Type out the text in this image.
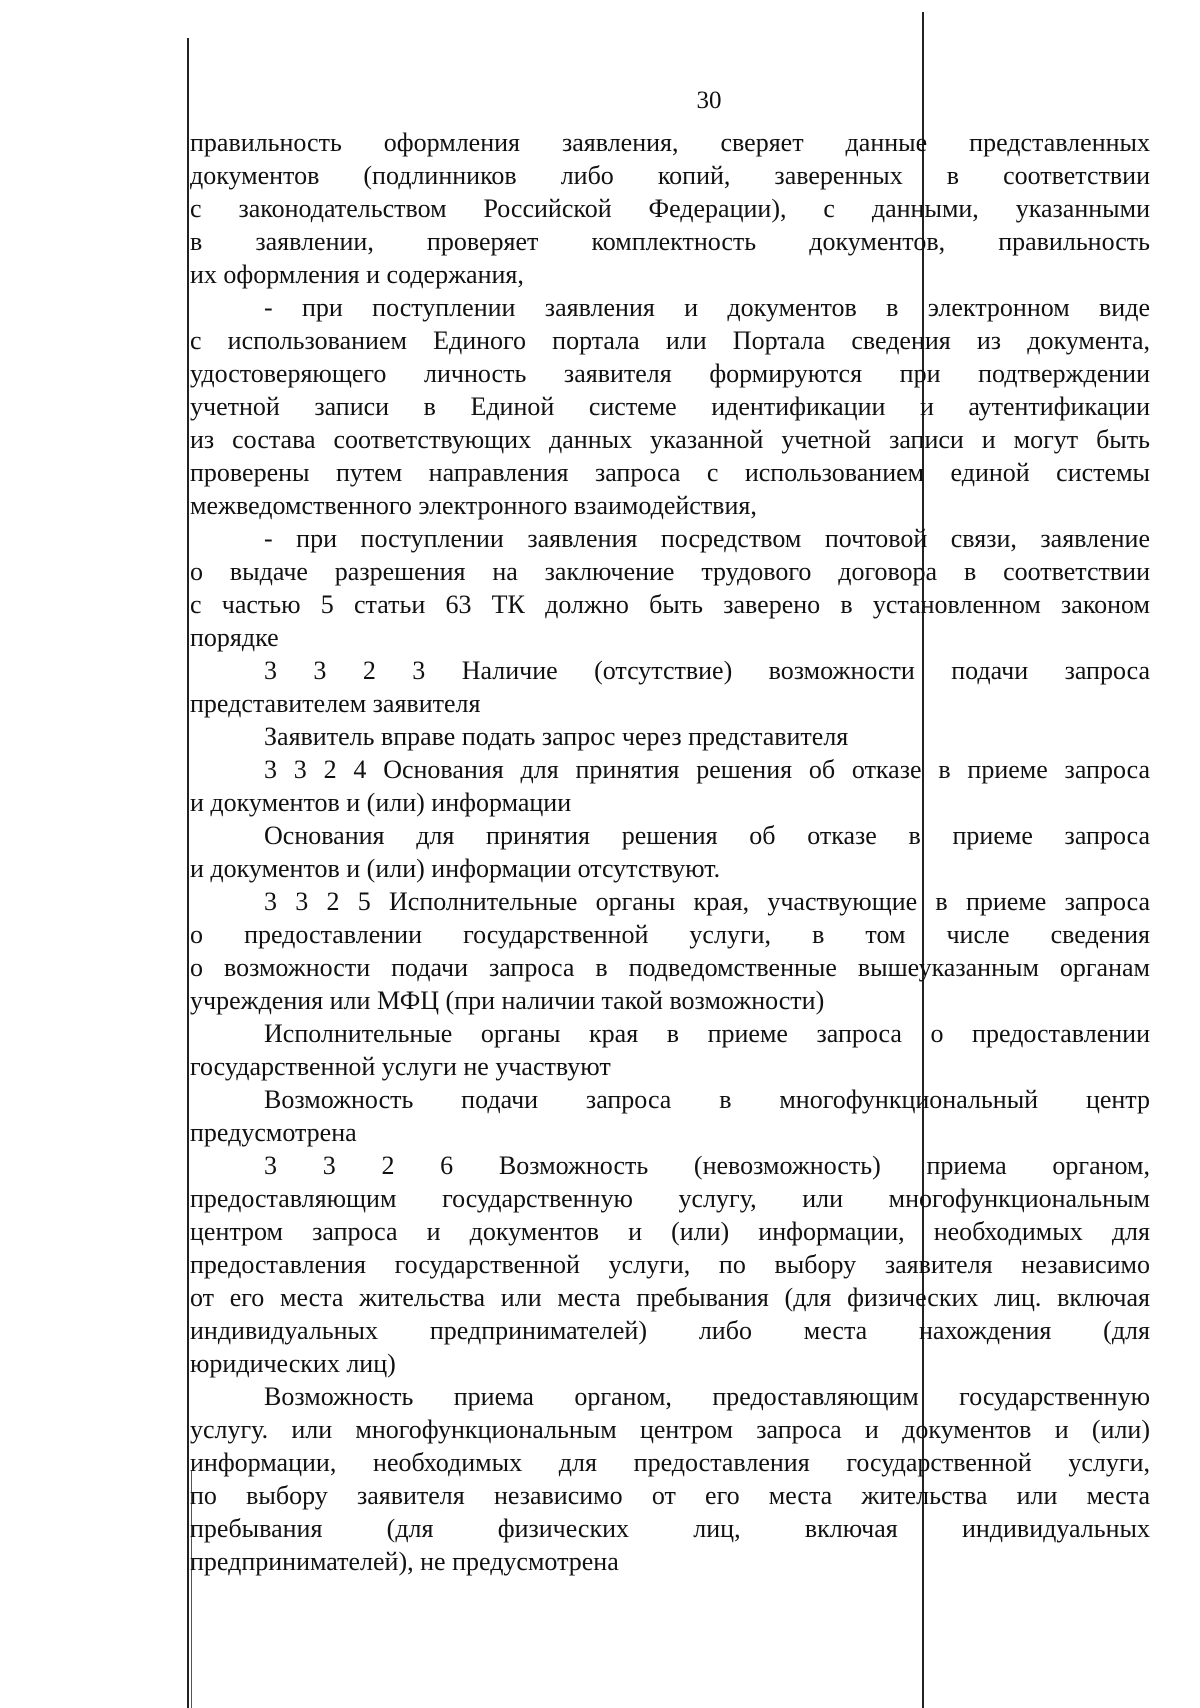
30
правильность оформления заявления, сверяет данные представленных
документов (подлинников либо копий, заверенных в соответствии
с законодательством Российской Федерации), с данными, указанными
в заявлении, проверяет комплектность документов, правильность
их оформления и содержания,
- при поступлении заявления и документов в электронном виде
с использованием Единого портала или Портала сведения из документа,
удостоверяющего личность заявителя формируются при подтверждении
учетной записи в Единой системе идентификации и аутентификации
из состава соответствующих данных указанной учетной записи и могут быть
проверены путем направления запроса с использованием единой системы
межведомственного электронного взаимодействия,
- при поступлении заявления посредством почтовой связи, заявление
о выдаче разрешения на заключение трудового договора в соответствии
с частью 5 статьи 63 ТК должно быть заверено в установленном законом
порядке
3 3 2 3 Наличие (отсутствие) возможности подачи запроса
представителем заявителя
Заявитель вправе подать запрос через представителя
3 3 2 4 Основания для принятия решения об отказе в приеме запроса
и документов и (или) информации
Основания для принятия решения об отказе в приеме запроса
и документов и (или) информации отсутствуют.
3 3 2 5 Исполнительные органы края, участвующие в приеме запроса
о предоставлении государственной услуги, в том числе сведения
о возможности подачи запроса в подведомственные вышеуказанным органам
учреждения или МФЦ (при наличии такой возможности)
Исполнительные органы края в приеме запроса о предоставлении
государственной услуги не участвуют
Возможность подачи запроса в многофункциональный центр
предусмотрена
3 3 2 6 Возможность (невозможность) приема органом,
предоставляющим государственную услугу, или многофункциональным
центром запроса и документов и (или) информации, необходимых для
предоставления государственной услуги, по выбору заявителя независимо
от его места жительства или места пребывания (для физических лиц. включая
индивидуальных предпринимателей) либо места нахождения (для
юридических лиц)
Возможность приема органом, предоставляющим государственную
услугу. или многофункциональным центром запроса и документов и (или)
информации, необходимых для предоставления государственной услуги,
по выбору заявителя независимо от его места жительства или места
пребывания (для физических лиц, включая индивидуальных
предпринимателей), не предусмотрена
